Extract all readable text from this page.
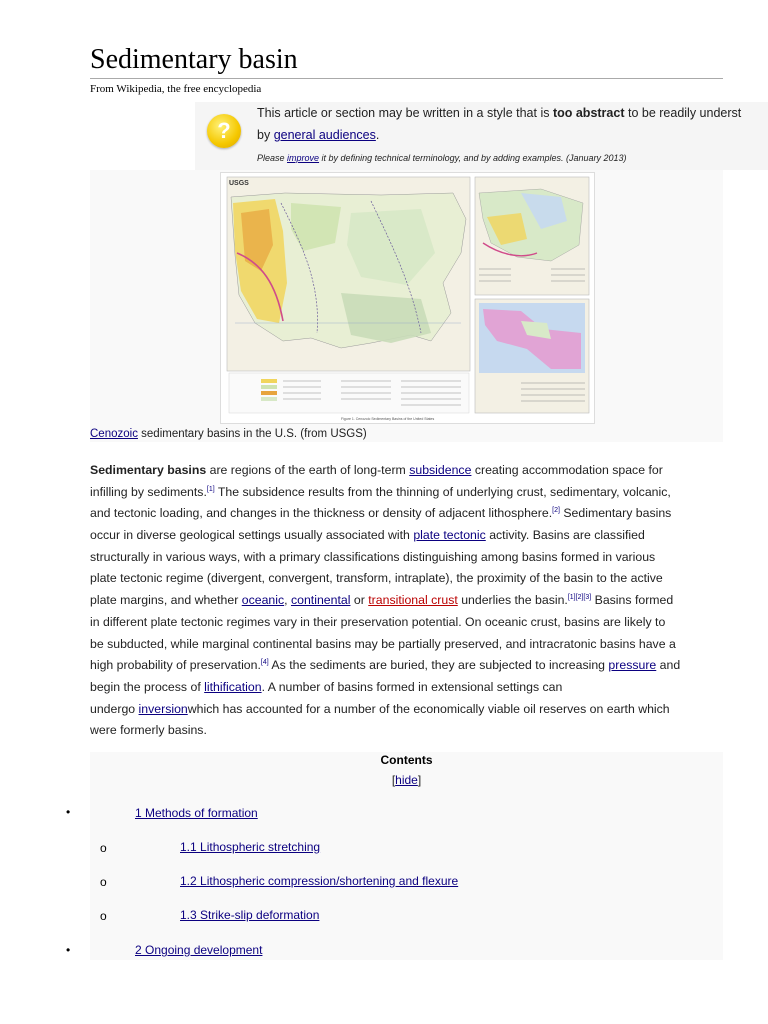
Sedimentary basin
From Wikipedia, the free encyclopedia
?
This article or section may be written in a style that is too abstract to be readily underst
by general audiences.
Please improve it by defining technical terminology, and by adding examples. (January 2013)
USGS
Figure 1. Cenozoic Sedimentary Basins of the United States
Cenozoic sedimentary basins in the U.S. (from USGS)
Sedimentary basins are regions of the earth of long-term subsidence creating accommodation space for
infilling by sediments.[1] The subsidence results from the thinning of underlying crust, sedimentary, volcanic,
and tectonic loading, and changes in the thickness or density of adjacent lithosphere.[2] Sedimentary basins
occur in diverse geological settings usually associated with plate tectonic activity. Basins are classified
structurally in various ways, with a primary classifications distinguishing among basins formed in various
plate tectonic regime (divergent, convergent, transform, intraplate), the proximity of the basin to the active
plate margins, and whether oceanic, continental or transitional crust underlies the basin.[1][2][3] Basins formed
in different plate tectonic regimes vary in their preservation potential. On oceanic crust, basins are likely to
be subducted, while marginal continental basins may be partially preserved, and intracratonic basins have a
high probability of preservation.[4] As the sediments are buried, they are subjected to increasing pressure and
begin the process of lithification. A number of basins formed in extensional settings can
undergo inversionwhich has accounted for a number of the economically viable oil reserves on earth which
were formerly basins.
Contents
[hide]
•	1 Methods of formation
o	1.1 Lithospheric stretching
o	1.2 Lithospheric compression/shortening and flexure
o	1.3 Strike-slip deformation
•	2 Ongoing development
